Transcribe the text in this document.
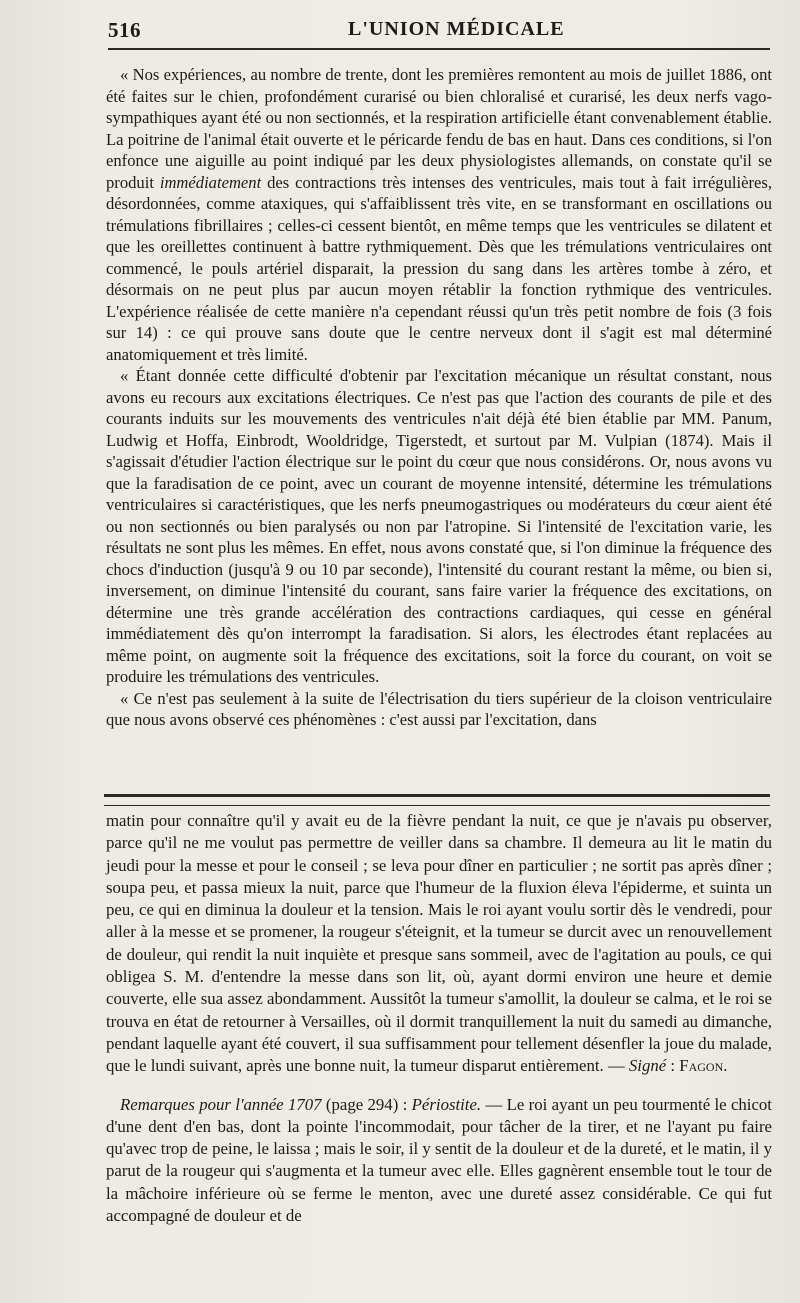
516	L'UNION MÉDICALE

« Nos expériences, au nombre de trente, dont les premières remontent au mois de juillet 1886, ont été faites sur le chien, profondément curarisé ou bien chloralisé et curarisé, les deux nerfs vago-sympathiques ayant été ou non sectionnés, et la respiration artificielle étant convenablement établie. La poitrine de l'animal était ouverte et le péricarde fendu de bas en haut. Dans ces conditions, si l'on enfonce une aiguille au point indiqué par les deux physiologistes allemands, on constate qu'il se produit immédiatement des contractions très intenses des ventricules, mais tout à fait irrégulières, désordonnées, comme ataxiques, qui s'affaiblissent très vite, en se transformant en oscillations ou trémulations fibrillaires ; celles-ci cessent bientôt, en même temps que les ventricules se dilatent et que les oreillettes continuent à battre rythmiquement. Dès que les trémulations ventriculaires ont commencé, le pouls artériel disparait, la pression du sang dans les artères tombe à zéro, et désormais on ne peut plus par aucun moyen rétablir la fonction rythmique des ventricules. L'expérience réalisée de cette manière n'a cependant réussi qu'un très petit nombre de fois (3 fois sur 14) : ce qui prouve sans doute que le centre nerveux dont il s'agit est mal déterminé anatomiquement et très limité.

« Étant donnée cette difficulté d'obtenir par l'excitation mécanique un résultat constant, nous avons eu recours aux excitations électriques. Ce n'est pas que l'action des courants de pile et des courants induits sur les mouvements des ventricules n'ait déjà été bien établie par MM. Panum, Ludwig et Hoffa, Einbrodt, Wooldridge, Tigerstedt, et surtout par M. Vulpian (1874). Mais il s'agissait d'étudier l'action électrique sur le point du cœur que nous considérons. Or, nous avons vu que la faradisation de ce point, avec un courant de moyenne intensité, détermine les trémulations ventriculaires si caractéristiques, que les nerfs pneumogastriques ou modérateurs du cœur aient été ou non sectionnés ou bien paralysés ou non par l'atropine. Si l'intensité de l'excitation varie, les résultats ne sont plus les mêmes. En effet, nous avons constaté que, si l'on diminue la fréquence des chocs d'induction (jusqu'à 9 ou 10 par seconde), l'intensité du courant restant la même, ou bien si, inversement, on diminue l'intensité du courant, sans faire varier la fréquence des excitations, on détermine une très grande accélération des contractions cardiaques, qui cesse en général immédiatement dès qu'on interrompt la faradisation. Si alors, les électrodes étant replacées au même point, on augmente soit la fréquence des excitations, soit la force du courant, on voit se produire les trémulations des ventricules.

« Ce n'est pas seulement à la suite de l'électrisation du tiers supérieur de la cloison ventriculaire que nous avons observé ces phénomènes : c'est aussi par l'excitation, dans

matin pour connaître qu'il y avait eu de la fièvre pendant la nuit, ce que je n'avais pu observer, parce qu'il ne me voulut pas permettre de veiller dans sa chambre. Il demeura au lit le matin du jeudi pour la messe et pour le conseil ; se leva pour dîner en particulier ; ne sortit pas après dîner ; soupa peu, et passa mieux la nuit, parce que l'humeur de la fluxion éleva l'épiderme, et suinta un peu, ce qui en diminua la douleur et la tension. Mais le roi ayant voulu sortir dès le vendredi, pour aller à la messe et se promener, la rougeur s'éteignit, et la tumeur se durcit avec un renouvellement de douleur, qui rendit la nuit inquiète et presque sans sommeil, avec de l'agitation au pouls, ce qui obligea S. M. d'entendre la messe dans son lit, où, ayant dormi environ une heure et demie couverte, elle sua assez abondamment. Aussitôt la tumeur s'amollit, la douleur se calma, et le roi se trouva en état de retourner à Versailles, où il dormit tranquillement la nuit du samedi au dimanche, pendant laquelle ayant été couvert, il sua suffisamment pour tellement désenfler la joue du malade, que le lundi suivant, après une bonne nuit, la tumeur disparut entièrement. — Signé : Fagon.

Remarques pour l'année 1707 (page 294) : Périostite. — Le roi ayant un peu tourmenté le chicot d'une dent d'en bas, dont la pointe l'incommodait, pour tâcher de la tirer, et ne l'ayant pu faire qu'avec trop de peine, le laissa ; mais le soir, il y sentit de la douleur et de la dureté, et le matin, il y parut de la rougeur qui s'augmenta et la tumeur avec elle. Elles gagnèrent ensemble tout le tour de la mâchoire inférieure où se ferme le menton, avec une dureté assez considérable. Ce qui fut accompagné de douleur et de
